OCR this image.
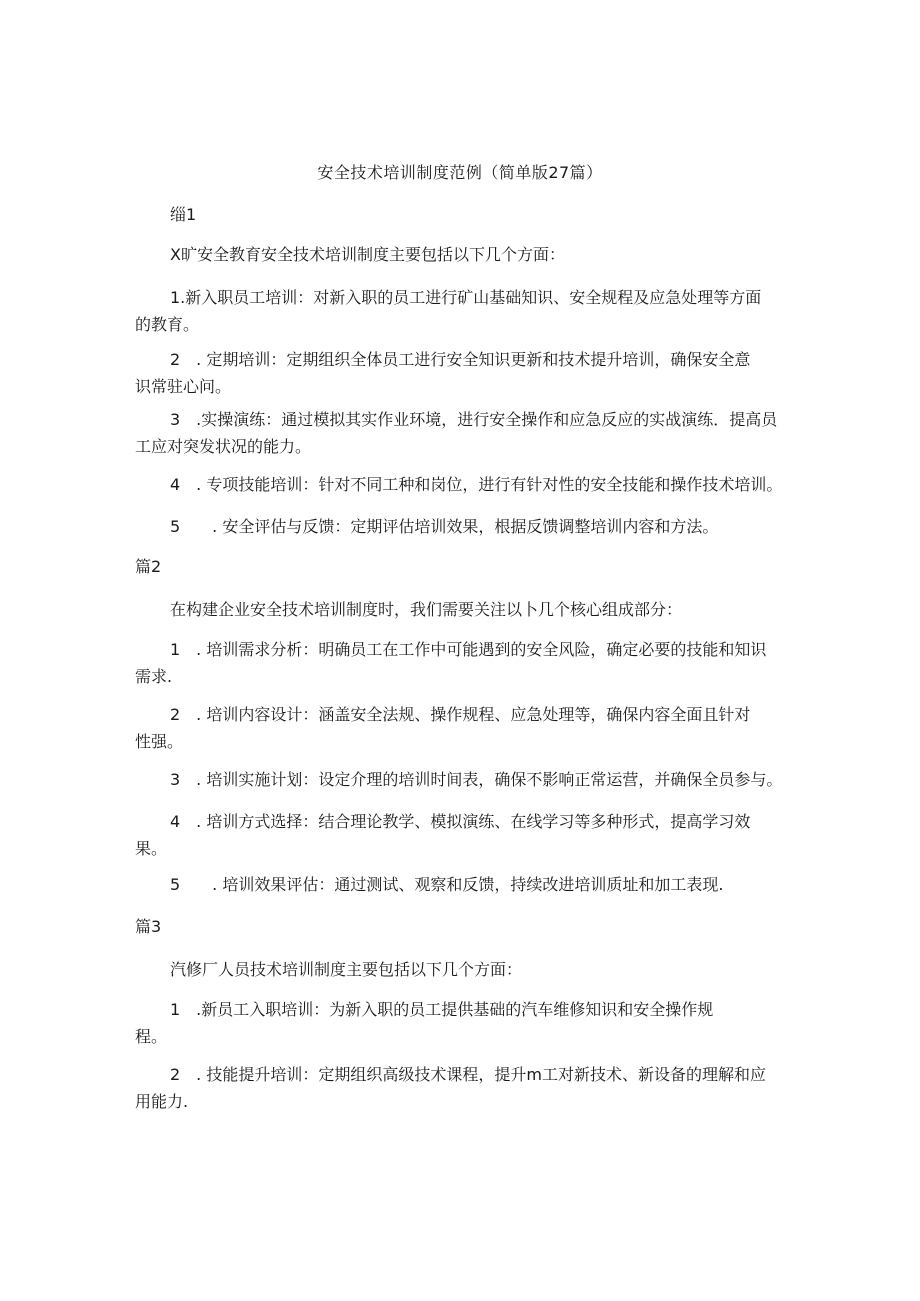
安全技术培训制度范例（简单版27篇）
缁1
X旷安全教育安全技术培训制度主要包括以下几个方面：
1.新入职员工培训：对新入职的员工进行矿山基础知识、安全规程及应急处理等方面
的教育。
2　. 定期培训：定期组织全体员工进行安全知识更新和技术提升培训，确保安全意
识常驻心问。
3　.实操演练：通过模拟其实作业环境，进行安全操作和应急反应的实战演练．提高员
工应对突发状况的能力。
4　. 专项技能培训：针对不同工种和岗位，进行有针对性的安全技能和操作技术培训。
5　　. 安全评估与反馈：定期评估培训效果，根据反馈调整培训内容和方法。
篇2
在构建企业安全技术培训制度时，我们需要关注以卜几个核心组成部分：
1　. 培训需求分析：明确员工在工作中可能遇到的安全风险，确定必要的技能和知识
需求.
2　. 培训内容设计：涵盖安全法规、操作规程、应急处理等，确保内容全面且针对
性强。
3　. 培训实施计划：设定介理的培训时间表，确保不影响正常运营，并确保全员参与。
4　. 培训方式选择：结合理论教学、模拟演练、在线学习等多种形式，提高学习效
果。
5　　. 培训效果评估：通过测试、观察和反馈，持续改进培训质址和加工表现.
篇3
汽修厂人员技术培训制度主要包括以下几个方面：
1　.新员工入职培训：为新入职的员工提供基础的汽车维修知识和安全操作规
程。
2　. 技能提升培训：定期组织高级技术课程，提升m工对新技术、新设备的理解和应
用能力.
